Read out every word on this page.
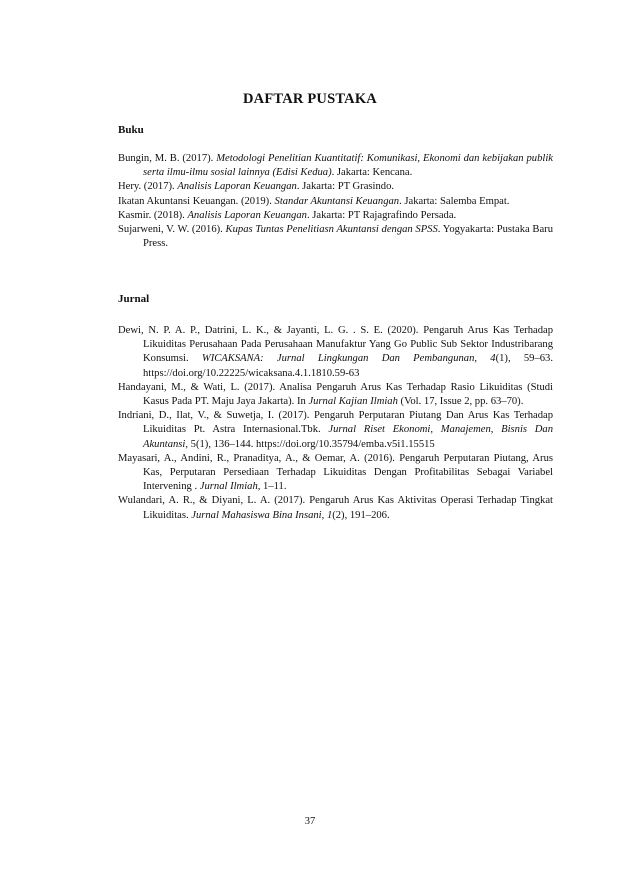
DAFTAR PUSTAKA
Buku

Bungin, M. B. (2017). Metodologi Penelitian Kuantitatif: Komunikasi, Ekonomi dan kebijakan publik serta ilmu-ilmu sosial lainnya (Edisi Kedua). Jakarta: Kencana.

Hery. (2017). Analisis Laporan Keuangan. Jakarta: PT Grasindo.

Ikatan Akuntansi Keuangan. (2019). Standar Akuntansi Keuangan. Jakarta: Salemba Empat.

Kasmir. (2018). Analisis Laporan Keuangan. Jakarta: PT Rajagrafindo Persada.

Sujarweni, V. W. (2016). Kupas Tuntas Penelitiasn Akuntansi dengan SPSS. Yogyakarta: Pustaka Baru Press.

Jurnal

Dewi, N. P. A. P., Datrini, L. K., & Jayanti, L. G. . S. E. (2020). Pengaruh Arus Kas Terhadap Likuiditas Perusahaan Pada Perusahaan Manufaktur Yang Go Public Sub Sektor Industribarang Konsumsi. WICAKSANA: Jurnal Lingkungan Dan Pembangunan, 4(1), 59–63. https://doi.org/10.22225/wicaksana.4.1.1810.59-63

Handayani, M., & Wati, L. (2017). Analisa Pengaruh Arus Kas Terhadap Rasio Likuiditas (Studi Kasus Pada PT. Maju Jaya Jakarta). In Jurnal Kajian Ilmiah (Vol. 17, Issue 2, pp. 63–70).

Indriani, D., Ilat, V., & Suwetja, I. (2017). Pengaruh Perputaran Piutang Dan Arus Kas Terhadap Likuiditas Pt. Astra Internasional.Tbk. Jurnal Riset Ekonomi, Manajemen, Bisnis Dan Akuntansi, 5(1), 136–144. https://doi.org/10.35794/emba.v5i1.15515

Mayasari, A., Andini, R., Pranaditya, A., & Oemar, A. (2016). Pengaruh Perputaran Piutang, Arus Kas, Perputaran Persediaan Terhadap Likuiditas Dengan Profitabilitas Sebagai Variabel Intervening . Jurnal Ilmiah, 1–11.

Wulandari, A. R., & Diyani, L. A. (2017). Pengaruh Arus Kas Aktivitas Operasi Terhadap Tingkat Likuiditas. Jurnal Mahasiswa Bina Insani, 1(2), 191–206.

37
